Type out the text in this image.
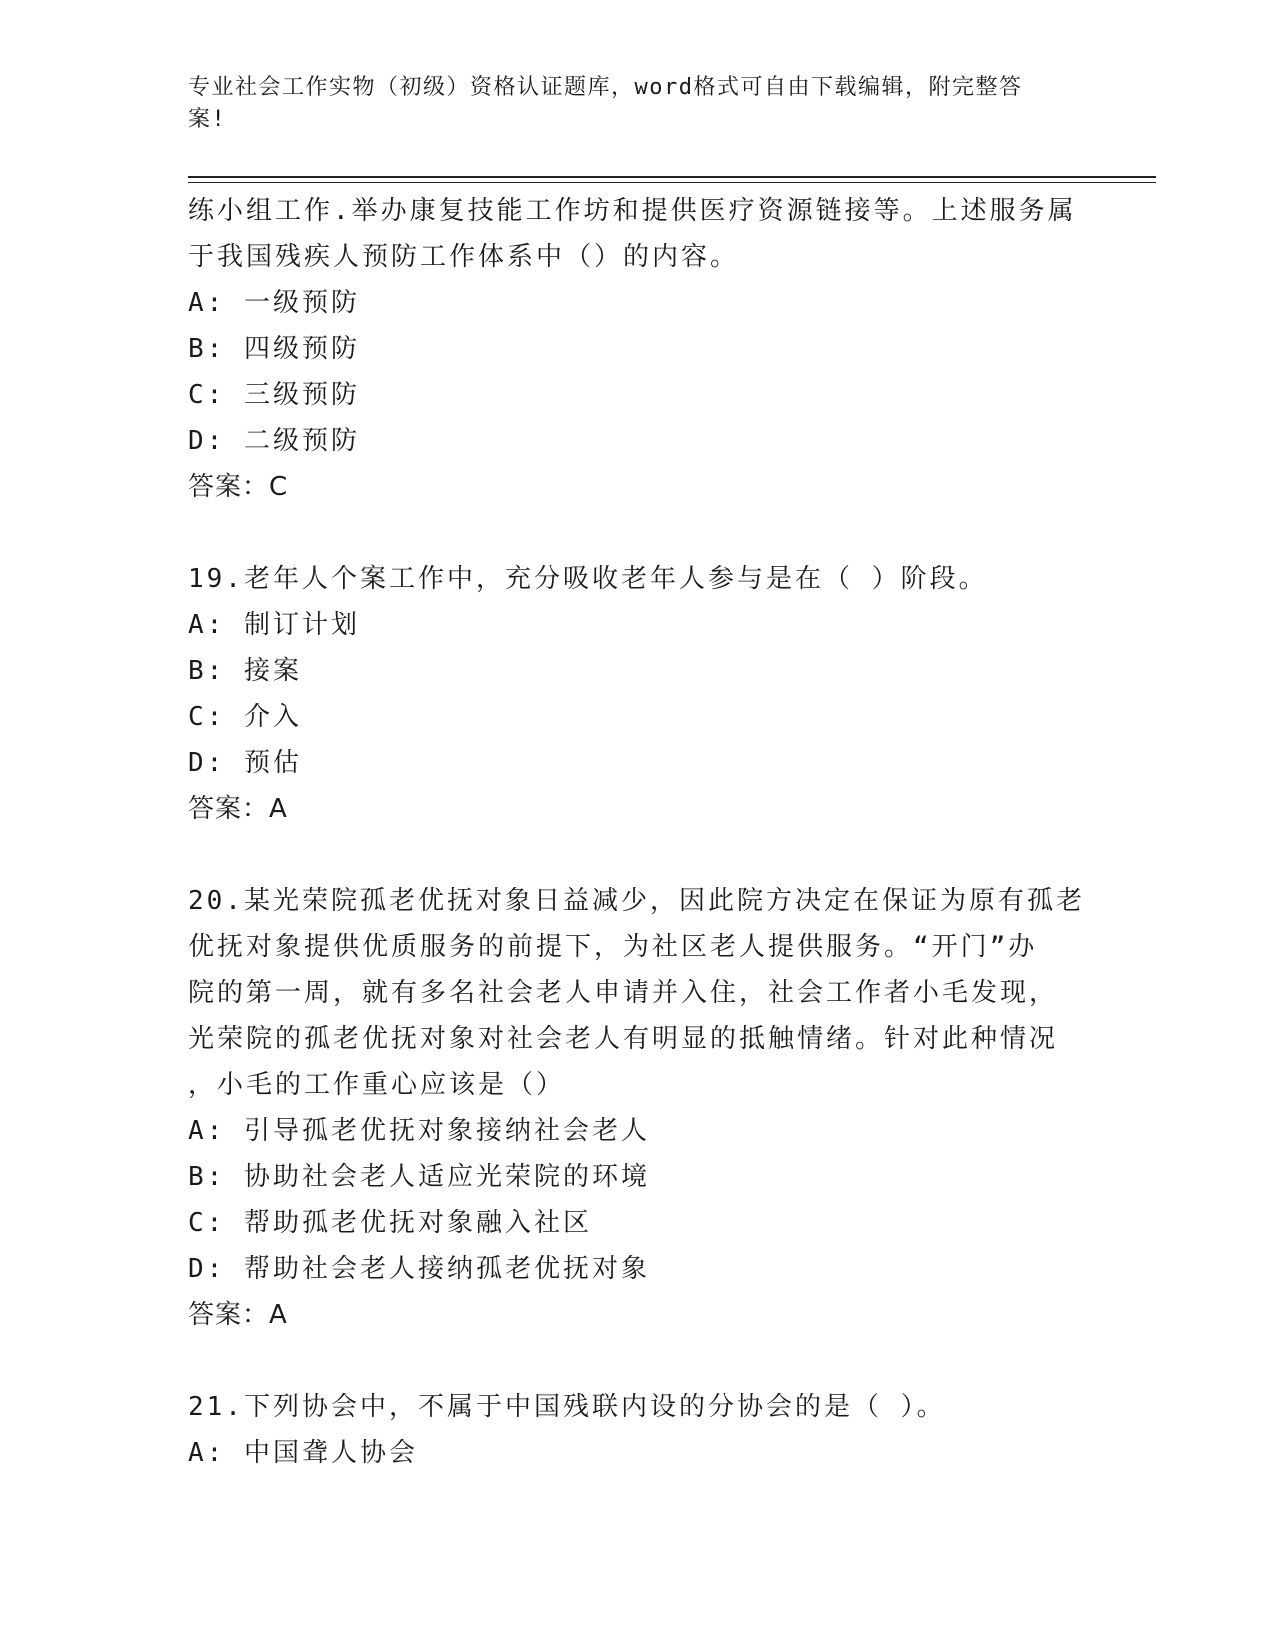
专业社会工作实物（初级）资格认证题库，word格式可自由下载编辑，附完整答
案!

练小组工作.举办康复技能工作坊和提供医疗资源链接等。上述服务属

于我国残疾人预防工作体系中（）的内容。

A: 一级预防

B: 四级预防

C: 三级预防

D: 二级预防

答案：C

19.老年人个案工作中，充分吸收老年人参与是在（ ）阶段。

A: 制订计划

B: 接案

C: 介入

D: 预估

答案：A

20.某光荣院孤老优抚对象日益减少，因此院方决定在保证为原有孤老

优抚对象提供优质服务的前提下，为社区老人提供服务。“开门”办

院的第一周，就有多名社会老人申请并入住，社会工作者小毛发现，

光荣院的孤老优抚对象对社会老人有明显的抵触情绪。针对此种情况

，小毛的工作重心应该是（）

A: 引导孤老优抚对象接纳社会老人

B: 协助社会老人适应光荣院的环境

C: 帮助孤老优抚对象融入社区

D: 帮助社会老人接纳孤老优抚对象

答案：A

21.下列协会中，不属于中国残联内设的分协会的是（ ）。

A: 中国聋人协会
